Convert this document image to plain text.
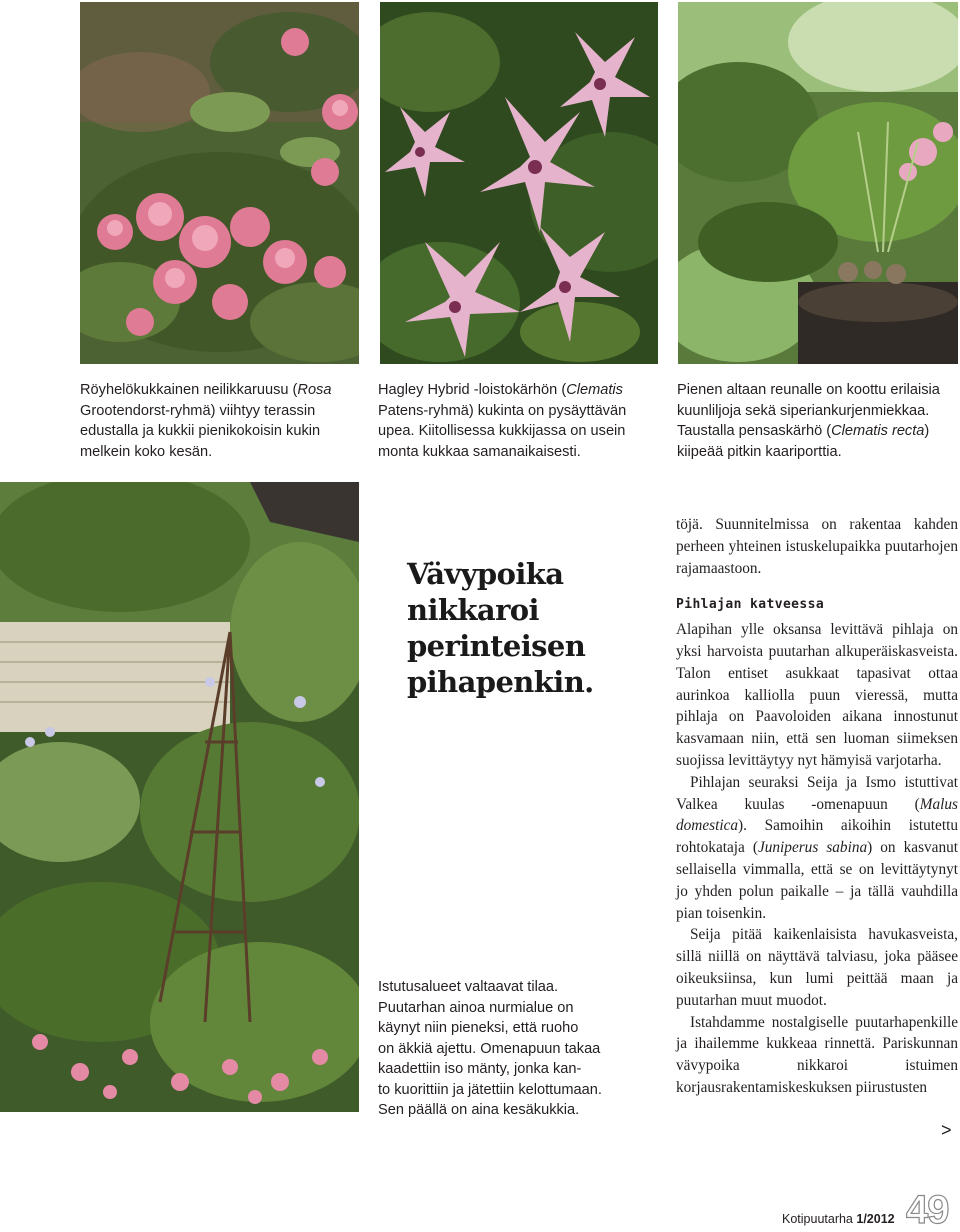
Röyhelökukkainen neilikkaruusu (Rosa

Grootendorst-ryhmä) viihtyy terassin

edustalla ja kukkii pienikokoisin kukin

melkein koko kesän.

Hagley Hybrid -loistokärhön (Clematis

Patens-ryhmä) kukinta on pysäyttävän

upea. Kiitollisessa kukkijassa on usein

monta kukkaa samanaikaisesti.

Pienen altaan reunalle on koottu erilaisia

kuunliljoja sekä siperiankurjenmiekkaa.

Taustalla pensaskärhö (Clematis recta)

kiipeää pitkin kaariporttia.

Istutusalueet valtaavat tilaa.

Puutarhan ainoa nurmialue on

käynyt niin pieneksi, että ruoho

on äkkiä ajettu. Omenapuun takaa

kaadettiin iso mänty, jonka kan-

to kuorittiin ja jätettiin kelottumaan.

Sen päällä on aina kesäkukkia.

Vävypoika
nikkaroi
perinteisen
pihapenkin.

töjä. Suunnitelmissa on rakentaa kahden perheen yhteinen istuskelupaikka puutarhojen rajamaastoon.

Pihlajan katveessa

Alapihan ylle oksansa levittävä pihlaja on yksi harvoista puutarhan alkuperäiskasveista. Talon entiset asukkaat tapasivat ottaa aurinkoa kalliolla puun vieressä, mutta pihlaja on Paavoloiden aikana innostunut kasvamaan niin, että sen luoman siimeksen suojissa levittäytyy nyt hämyisä varjotarha.

Pihlajan seuraksi Seija ja Ismo istuttivat Valkea kuulas -omenapuun (Malus domestica). Samoihin aikoihin istutettu rohtokataja (Juniperus sabina) on kasvanut sellaisella vimmalla, että se on levittäytynyt jo yhden polun paikalle – ja tällä vauhdilla pian toisenkin.

Seija pitää kaikenlaisista havukasveista, sillä niillä on näyttävä talviasu, joka pääsee oikeuksiinsa, kun lumi peittää maan ja puutarhan muut muodot.

Istahdamme nostalgiselle puutarhapenkille ja ihailemme kukkeaa rinnettä. Pariskunnan vävypoika nikkaroi istuimen korjausrakentamiskeskuksen piirustusten

>
Kotipuutarha 1/2012 49
